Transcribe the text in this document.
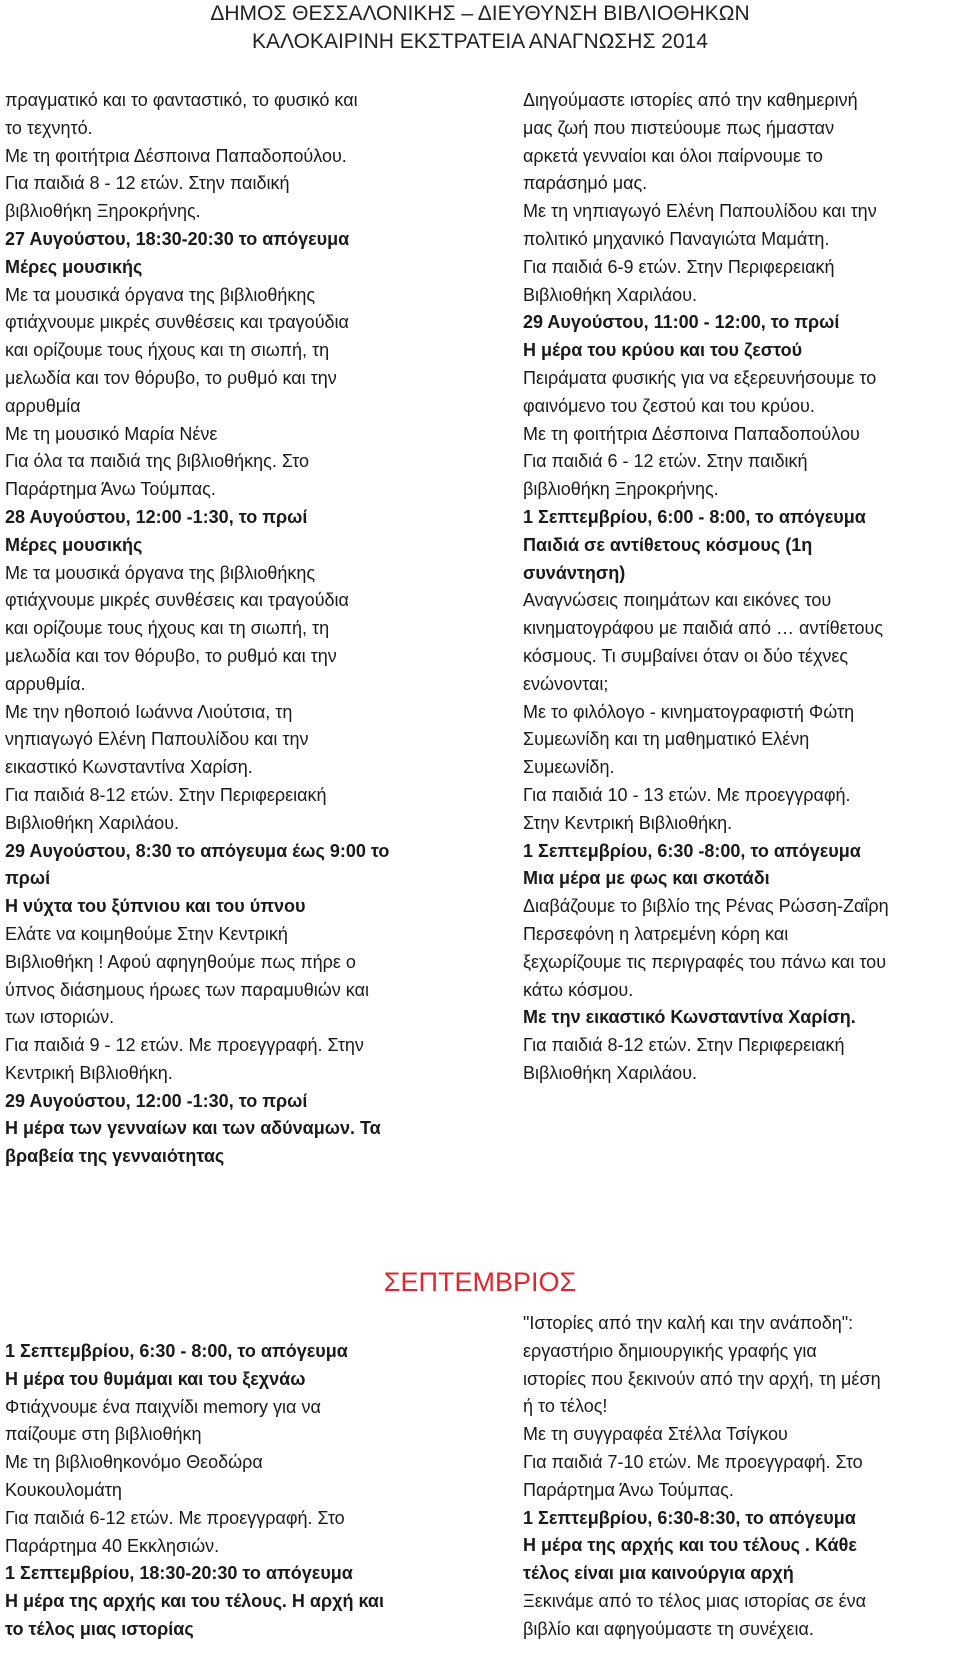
ΔΗΜΟΣ ΘΕΣΣΑΛΟΝΙΚΗΣ – ΔΙΕΥΘΥΝΣΗ ΒΙΒΛΙΟΘΗΚΩΝ
ΚΑΛΟΚΑΙΡΙΝΗ ΕΚΣΤΡΑΤΕΙΑ ΑΝΑΓΝΩΣΗΣ 2014

πραγματικό και το φανταστικό, το φυσικό και

το τεχνητό.

Με τη φοιτήτρια Δέσποινα Παπαδοπούλου.

Για παιδιά 8 - 12 ετών. Στην παιδική

βιβλιοθήκη Ξηροκρήνης.

27 Αυγούστου, 18:30-20:30 το απόγευμα

Μέρες μουσικής

Με τα μουσικά όργανα της βιβλιοθήκης

φτιάχνουμε μικρές συνθέσεις και τραγούδια

και ορίζουμε τους ήχους και τη σιωπή, τη

μελωδία και τον θόρυβο, το ρυθμό και την

αρρυθμία

Με τη μουσικό Μαρία Νένε

Για όλα τα παιδιά της βιβλιοθήκης. Στο

Παράρτημα Άνω Τούμπας.

28 Αυγούστου, 12:00 -1:30, το πρωί

Μέρες μουσικής

Με τα μουσικά όργανα της βιβλιοθήκης

φτιάχνουμε μικρές συνθέσεις και τραγούδια

και ορίζουμε τους ήχους και τη σιωπή, τη

μελωδία και τον θόρυβο, το ρυθμό και την

αρρυθμία.

Με την ηθοποιό Ιωάννα Λιούτσια, τη

νηπιαγωγό Ελένη Παπουλίδου και την

εικαστικό Κωνσταντίνα Χαρίση.

Για παιδιά 8-12 ετών. Στην Περιφερειακή

Βιβλιοθήκη Χαριλάου.

29 Αυγούστου, 8:30 το απόγευμα έως 9:00 το

πρωί

Η νύχτα του ξύπνιου και του ύπνου

Ελάτε να κοιμηθούμε Στην Κεντρική

Βιβλιοθήκη ! Αφού αφηγηθούμε πως πήρε ο

ύπνος διάσημους ήρωες των παραμυθιών και

των ιστοριών.

Για παιδιά 9 - 12 ετών. Με προεγγραφή. Στην

Κεντρική Βιβλιοθήκη.

29 Αυγούστου, 12:00 -1:30, το πρωί

Η μέρα των γενναίων και των αδύναμων. Τα

βραβεία της γενναιότητας

Διηγούμαστε ιστορίες από την καθημερινή

μας ζωή που πιστεύουμε πως ήμασταν

αρκετά γενναίοι και όλοι παίρνουμε το

παράσημό μας.

Με τη νηπιαγωγό Ελένη Παπουλίδου και την

πολιτικό μηχανικό Παναγιώτα Μαμάτη.

Για παιδιά 6-9 ετών. Στην Περιφερειακή

Βιβλιοθήκη Χαριλάου.

29 Αυγούστου, 11:00 - 12:00, το πρωί

Η μέρα του κρύου και του ζεστού

Πειράματα φυσικής για να εξερευνήσουμε το

φαινόμενο του ζεστού και του κρύου.

Με τη φοιτήτρια Δέσποινα Παπαδοπούλου

Για παιδιά 6 - 12 ετών. Στην παιδική

βιβλιοθήκη Ξηροκρήνης.

1 Σεπτεμβρίου, 6:00 - 8:00, το απόγευμα

Παιδιά σε αντίθετους κόσμους (1η

συνάντηση)

Αναγνώσεις ποιημάτων και εικόνες του

κινηματογράφου με παιδιά από … αντίθετους

κόσμους. Τι συμβαίνει όταν οι δύο τέχνες

ενώνονται;

Με το φιλόλογο - κινηματογραφιστή Φώτη

Συμεωνίδη και τη μαθηματικό Ελένη

Συμεωνίδη.

Για παιδιά 10 - 13 ετών. Με προεγγραφή.

Στην Κεντρική Βιβλιοθήκη.

1 Σεπτεμβρίου, 6:30 -8:00, το απόγευμα

Μια μέρα με φως και σκοτάδι

Διαβάζουμε το βιβλίο της Ρένας Ρώσση-Ζαΐρη

Περσεφόνη η λατρεμένη κόρη και

ξεχωρίζουμε τις περιγραφές του πάνω και του

κάτω κόσμου.

Με την εικαστικό Κωνσταντίνα Χαρίση.

Για παιδιά 8-12 ετών. Στην Περιφερειακή

Βιβλιοθήκη Χαριλάου.

ΣΕΠΤΕΜΒΡΙΟΣ

1 Σεπτεμβρίου, 6:30 - 8:00, το απόγευμα

Η μέρα του θυμάμαι και του ξεχνάω

Φτιάχνουμε ένα παιχνίδι memory για να

παίζουμε στη βιβλιοθήκη

Με τη βιβλιοθηκονόμο Θεοδώρα

Κουκουλομάτη

Για παιδιά 6-12 ετών. Με προεγγραφή. Στο

Παράρτημα 40 Εκκλησιών.

1 Σεπτεμβρίου, 18:30-20:30 το απόγευμα

Η μέρα της αρχής και του τέλους. Η αρχή και

το τέλος μιας ιστορίας

"Ιστορίες από την καλή και την ανάποδη":

εργαστήριο δημιουργικής γραφής για

ιστορίες που ξεκινούν από την αρχή, τη μέση

ή το τέλος!

Με τη συγγραφέα Στέλλα Τσίγκου

Για παιδιά 7-10 ετών. Με προεγγραφή. Στο

Παράρτημα Άνω Τούμπας.

1 Σεπτεμβρίου, 6:30-8:30, το απόγευμα

Η μέρα της αρχής και του τέλους . Κάθε

τέλος είναι μια καινούργια αρχή

Ξεκινάμε από το τέλος μιας ιστορίας σε ένα

βιβλίο και αφηγούμαστε τη συνέχεια.
